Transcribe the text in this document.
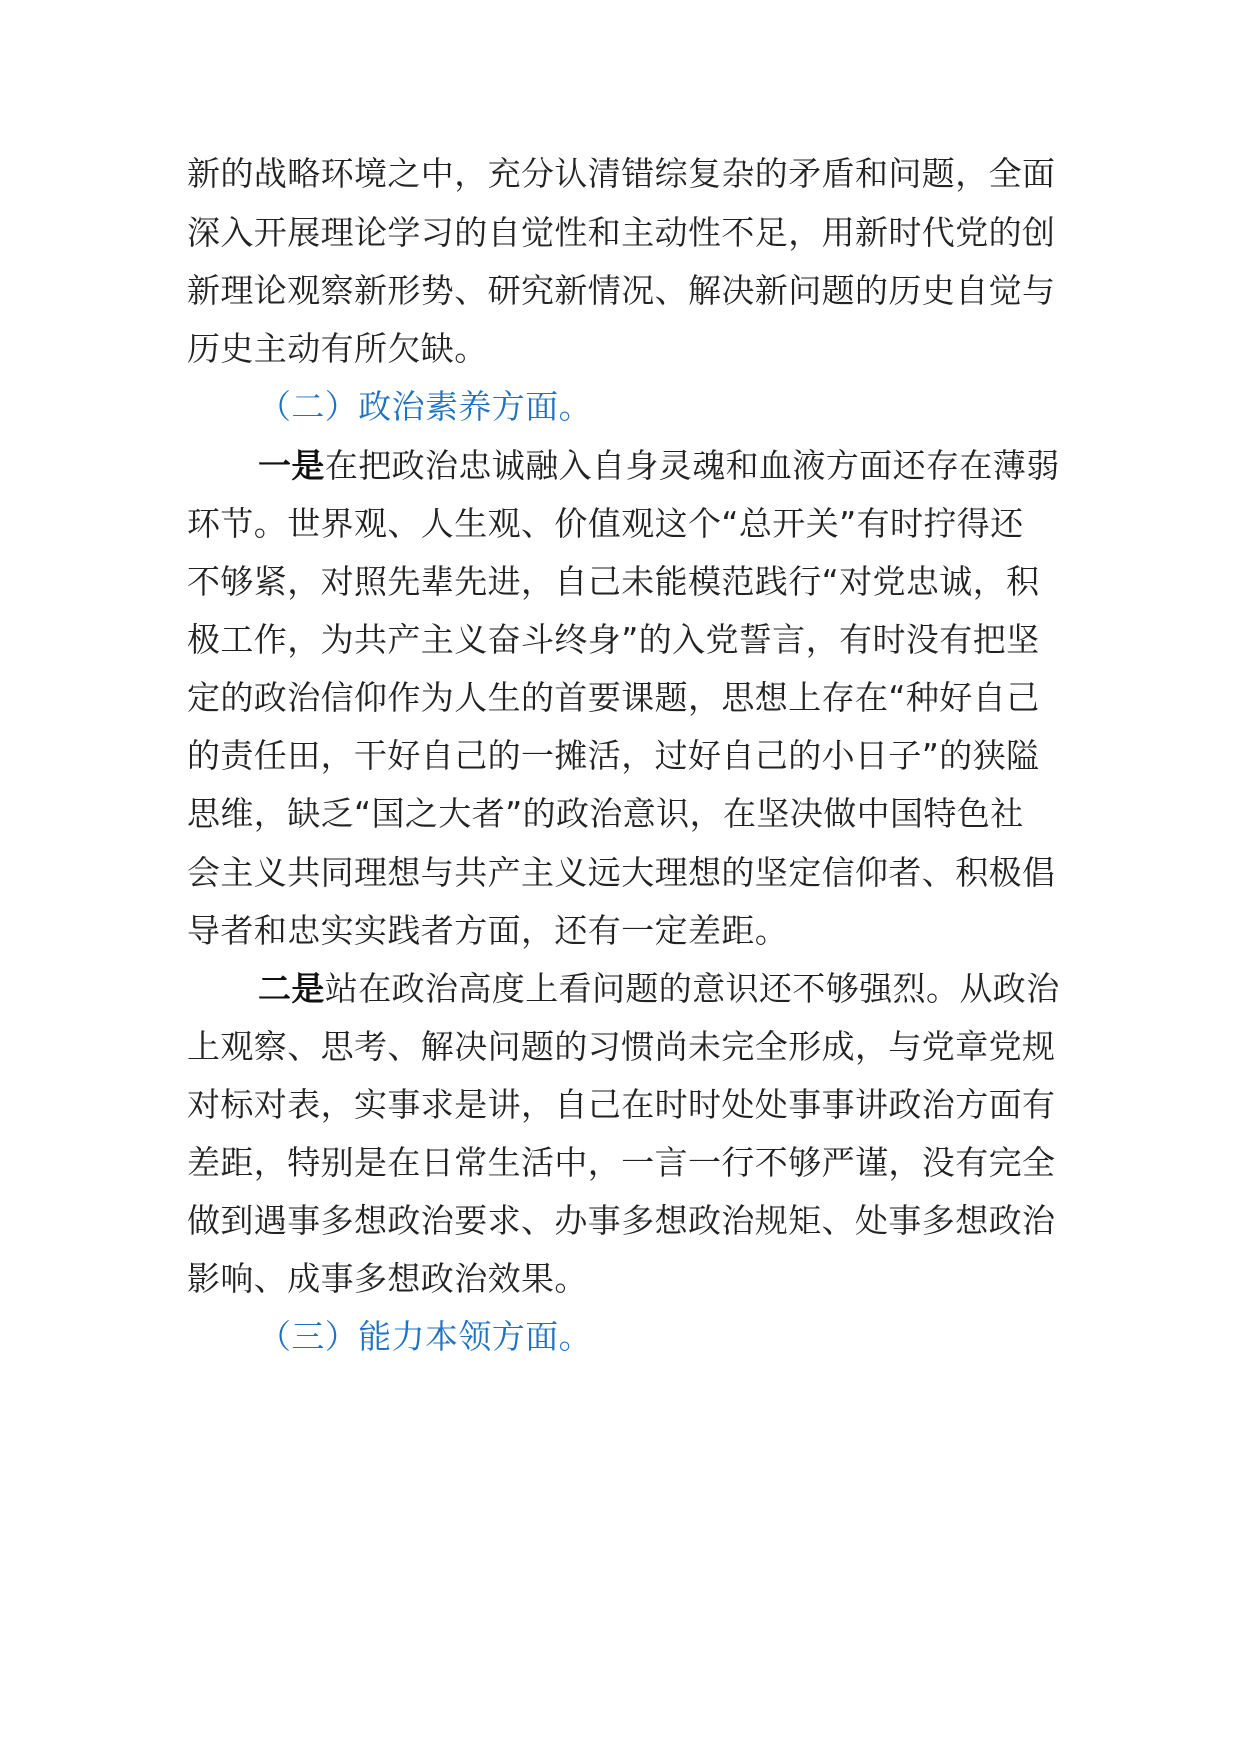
新的战略环境之中，充分认清错综复杂的矛盾和问题，全面
深入开展理论学习的自觉性和主动性不足，用新时代党的创
新理论观察新形势、研究新情况、解决新问题的历史自觉与
历史主动有所欠缺。
（二）政治素养方面。
一是在把政治忠诚融入自身灵魂和血液方面还存在薄弱
环节。世界观、人生观、价值观这个“总开关”有时拧得还
不够紧，对照先辈先进，自己未能模范践行“对党忠诚，积
极工作，为共产主义奋斗终身”的入党誓言，有时没有把坚
定的政治信仰作为人生的首要课题，思想上存在“种好自己
的责任田，干好自己的一摊活，过好自己的小日子”的狭隘
思维，缺乏“国之大者”的政治意识，在坚决做中国特色社
会主义共同理想与共产主义远大理想的坚定信仰者、积极倡
导者和忠实实践者方面，还有一定差距。
二是站在政治高度上看问题的意识还不够强烈。从政治
上观察、思考、解决问题的习惯尚未完全形成，与党章党规
对标对表，实事求是讲，自己在时时处处事事讲政治方面有
差距，特别是在日常生活中，一言一行不够严谨，没有完全
做到遇事多想政治要求、办事多想政治规矩、处事多想政治
影响、成事多想政治效果。
（三）能力本领方面。
